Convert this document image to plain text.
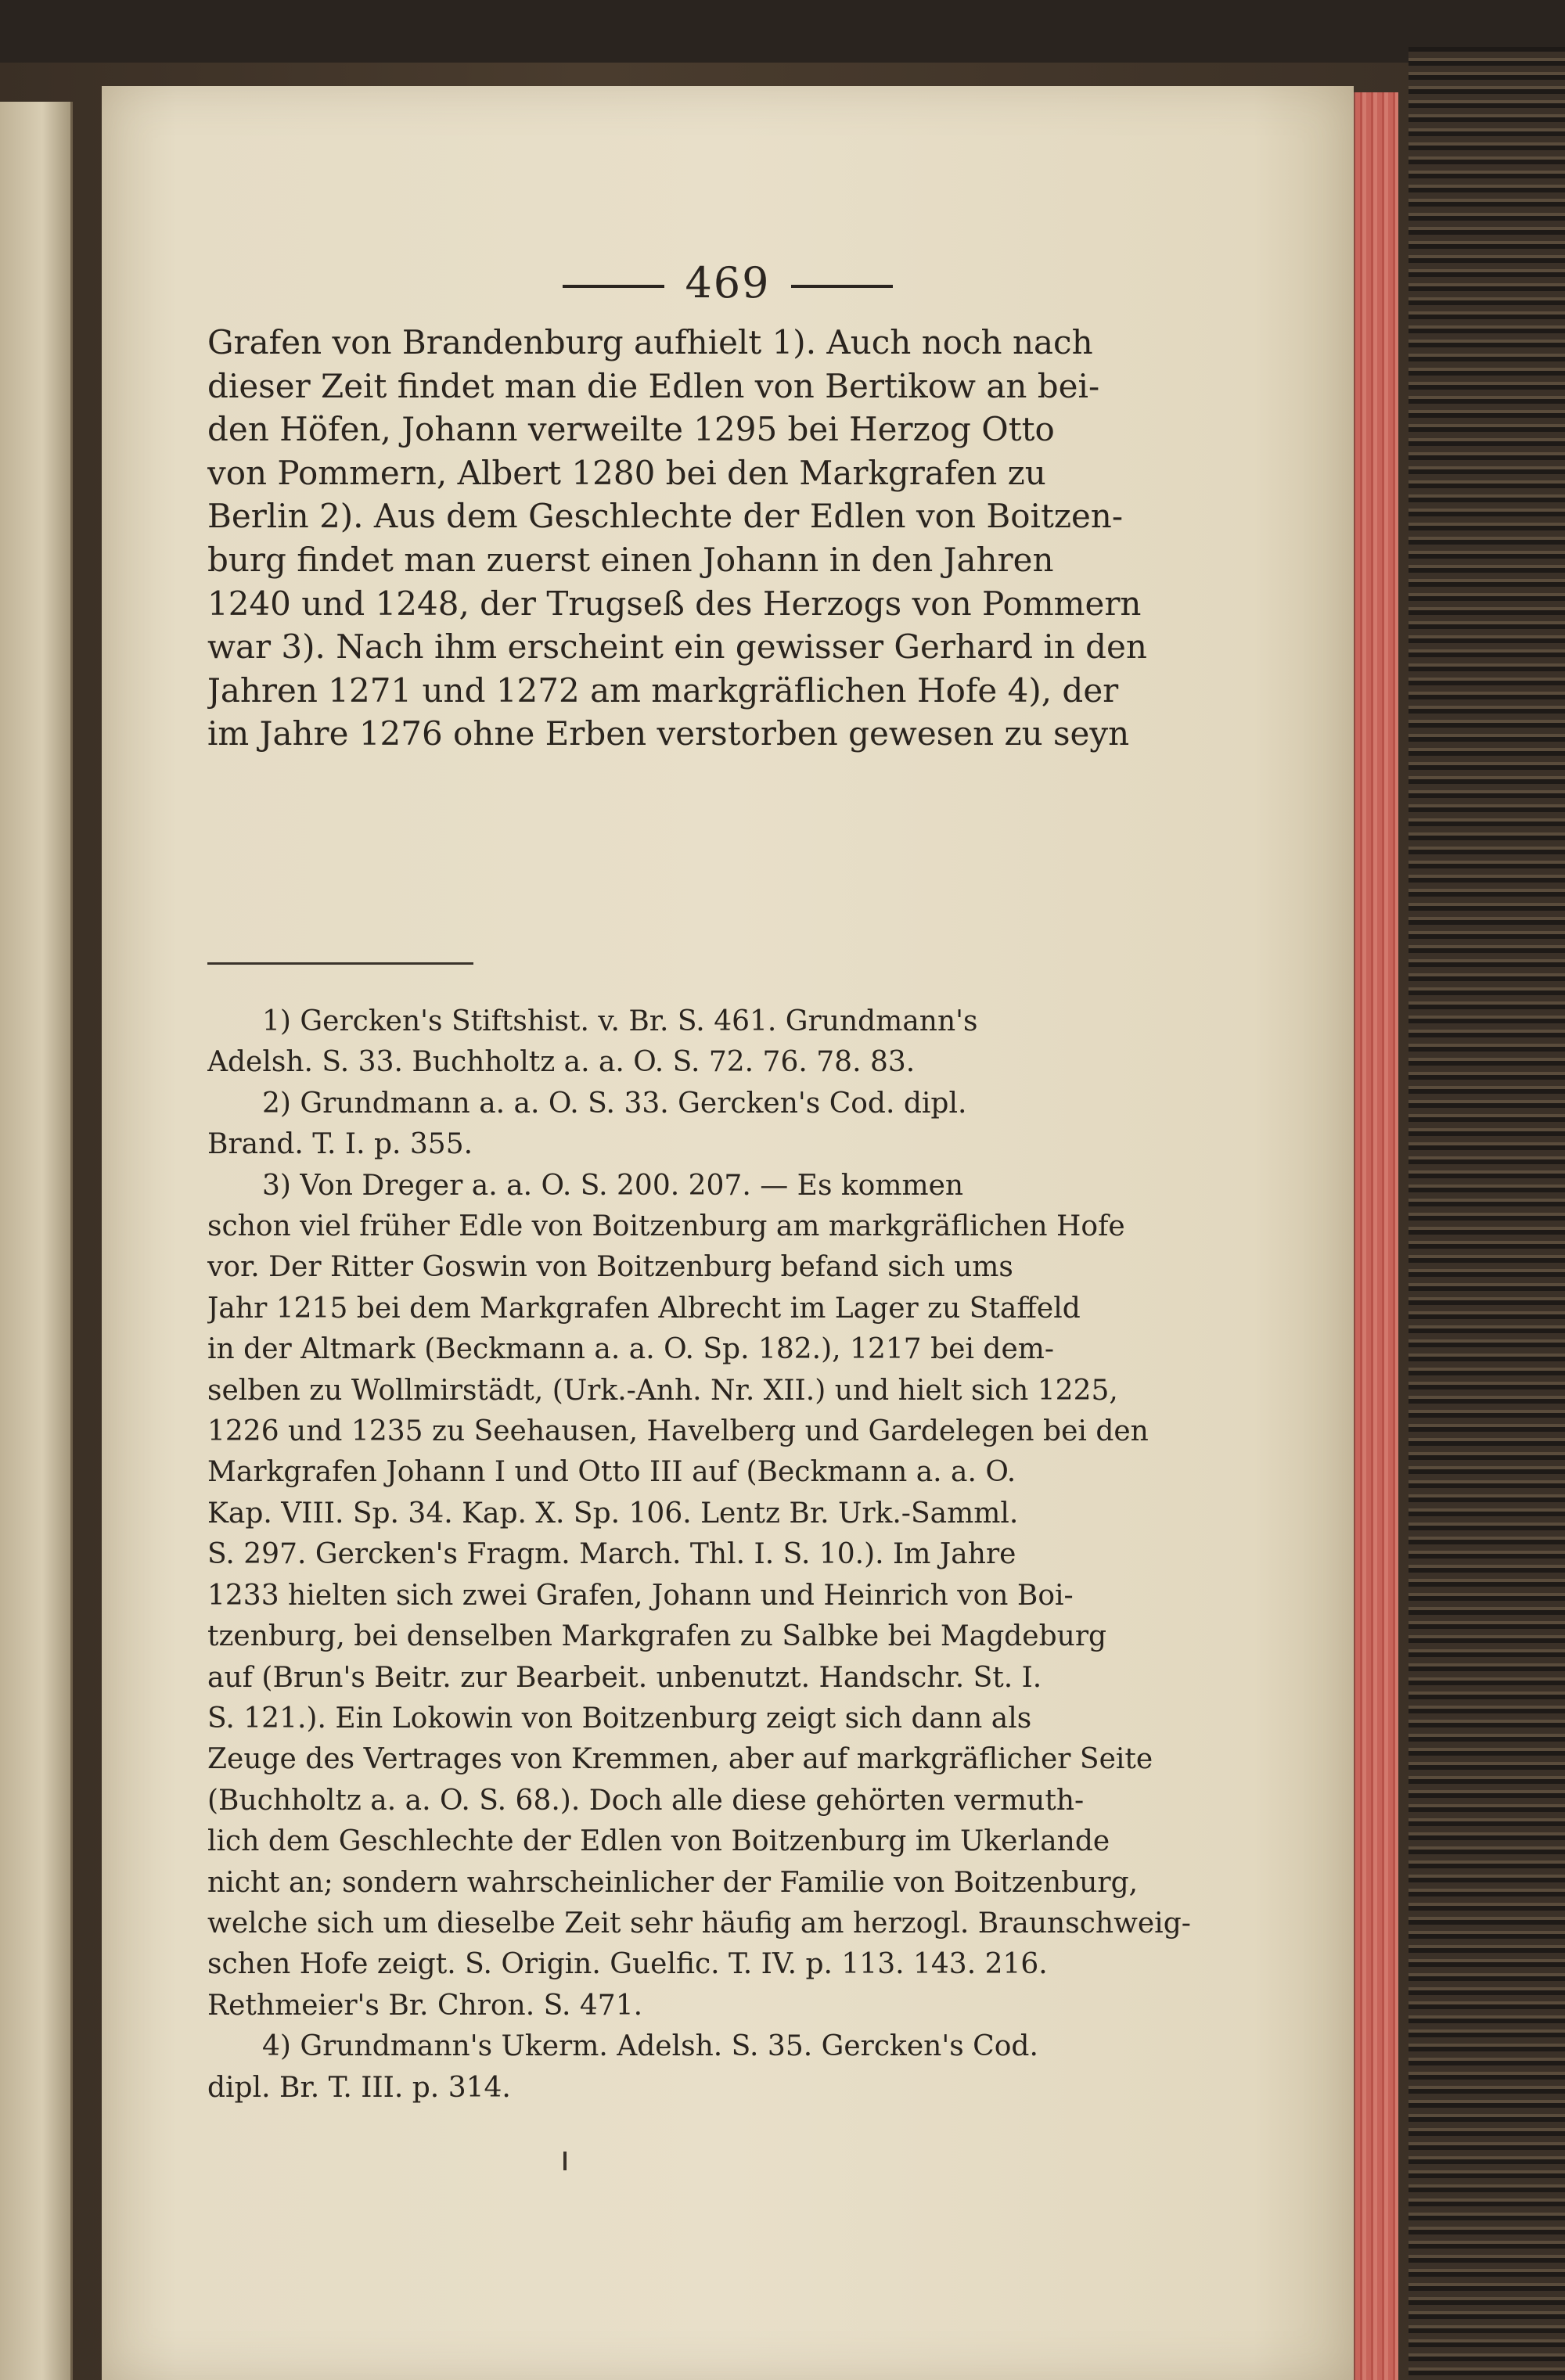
469
Grafen von Brandenburg aufhielt 1). Auch noch nach
dieser Zeit findet man die Edlen von Bertikow an bei-
den Höfen, Johann verweilte 1295 bei Herzog Otto
von Pommern, Albert 1280 bei den Markgrafen zu
Berlin 2). Aus dem Geschlechte der Edlen von Boitzen-
burg findet man zuerst einen Johann in den Jahren
1240 und 1248, der Trugseß des Herzogs von Pommern
war 3). Nach ihm erscheint ein gewisser Gerhard in den
Jahren 1271 und 1272 am markgräflichen Hofe 4), der
im Jahre 1276 ohne Erben verstorben gewesen zu seyn
1) Gercken's Stiftshist. v. Br. S. 461. Grundmann's
Adelsh. S. 33. Buchholtz a. a. O. S. 72. 76. 78. 83.
2) Grundmann a. a. O. S. 33. Gercken's Cod. dipl.
Brand. T. I. p. 355.
3) Von Dreger a. a. O. S. 200. 207. — Es kommen
schon viel früher Edle von Boitzenburg am markgräflichen Hofe
vor. Der Ritter Goswin von Boitzenburg befand sich ums
Jahr 1215 bei dem Markgrafen Albrecht im Lager zu Staffeld
in der Altmark (Beckmann a. a. O. Sp. 182.), 1217 bei dem-
selben zu Wollmirstädt, (Urk.-Anh. Nr. XII.) und hielt sich 1225,
1226 und 1235 zu Seehausen, Havelberg und Gardelegen bei den
Markgrafen Johann I und Otto III auf (Beckmann a. a. O.
Kap. VIII. Sp. 34. Kap. X. Sp. 106. Lentz Br. Urk.-Samml.
S. 297. Gercken's Fragm. March. Thl. I. S. 10.). Im Jahre
1233 hielten sich zwei Grafen, Johann und Heinrich von Boi-
tzenburg, bei denselben Markgrafen zu Salbke bei Magdeburg
auf (Brun's Beitr. zur Bearbeit. unbenutzt. Handschr. St. I.
S. 121.). Ein Lokowin von Boitzenburg zeigt sich dann als
Zeuge des Vertrages von Kremmen, aber auf markgräflicher Seite
(Buchholtz a. a. O. S. 68.). Doch alle diese gehörten vermuth-
lich dem Geschlechte der Edlen von Boitzenburg im Ukerlande
nicht an; sondern wahrscheinlicher der Familie von Boitzenburg,
welche sich um dieselbe Zeit sehr häufig am herzogl. Braunschweig-
schen Hofe zeigt. S. Origin. Guelfic. T. IV. p. 113. 143. 216.
Rethmeier's Br. Chron. S. 471.
4) Grundmann's Ukerm. Adelsh. S. 35. Gercken's Cod.
dipl. Br. T. III. p. 314.
